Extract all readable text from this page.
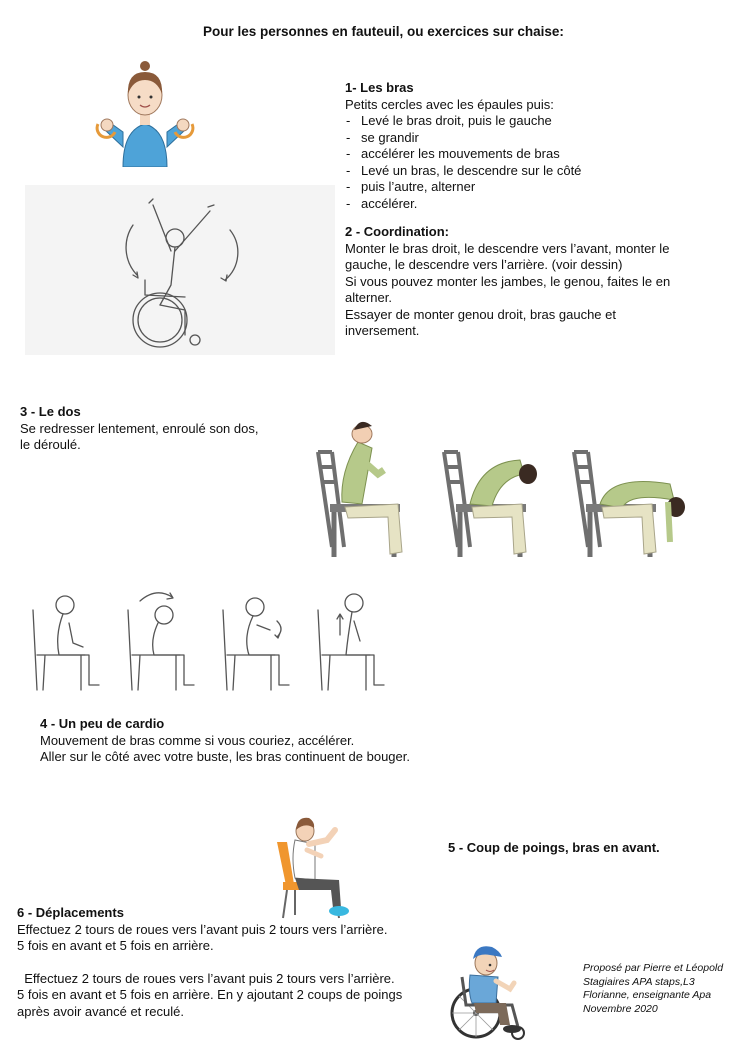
Pour les personnes en fauteuil, ou exercices sur chaise:
1- Les bras
Petits cercles avec les épaules puis:
- Levé le bras droit, puis le gauche
- se grandir
- accélérer les mouvements de bras
- Levé un bras, le descendre sur le côté
- puis l’autre, alterner
- accélérer.
2 - Coordination:
Monter le bras droit, le descendre vers l’avant, monter le
gauche, le descendre vers l’arrière. (voir dessin)
Si vous pouvez monter les jambes, le genou, faites le en
alterner.
Essayer de monter genou droit, bras gauche et
inversement.
3 - Le dos
Se redresser lentement, enroulé son dos,
le déroulé.
4 - Un peu de cardio
Mouvement de bras comme si vous couriez, accélérer.
Aller sur le côté avec votre buste, les bras continuent de bouger.
5 - Coup de poings, bras en avant.
6 - Déplacements
Effectuez 2 tours de roues vers l’avant puis 2 tours vers l’arrière.
5 fois en avant et 5 fois en arrière.
Effectuez 2 tours de roues vers l’avant puis 2 tours vers l’arrière.
5 fois en avant et 5 fois en arrière. En y ajoutant 2 coups de poings
après avoir avancé et reculé.
Proposé par Pierre et Léopold
Stagiaires APA staps,L3
Florianne, enseignante Apa
Novembre 2020
